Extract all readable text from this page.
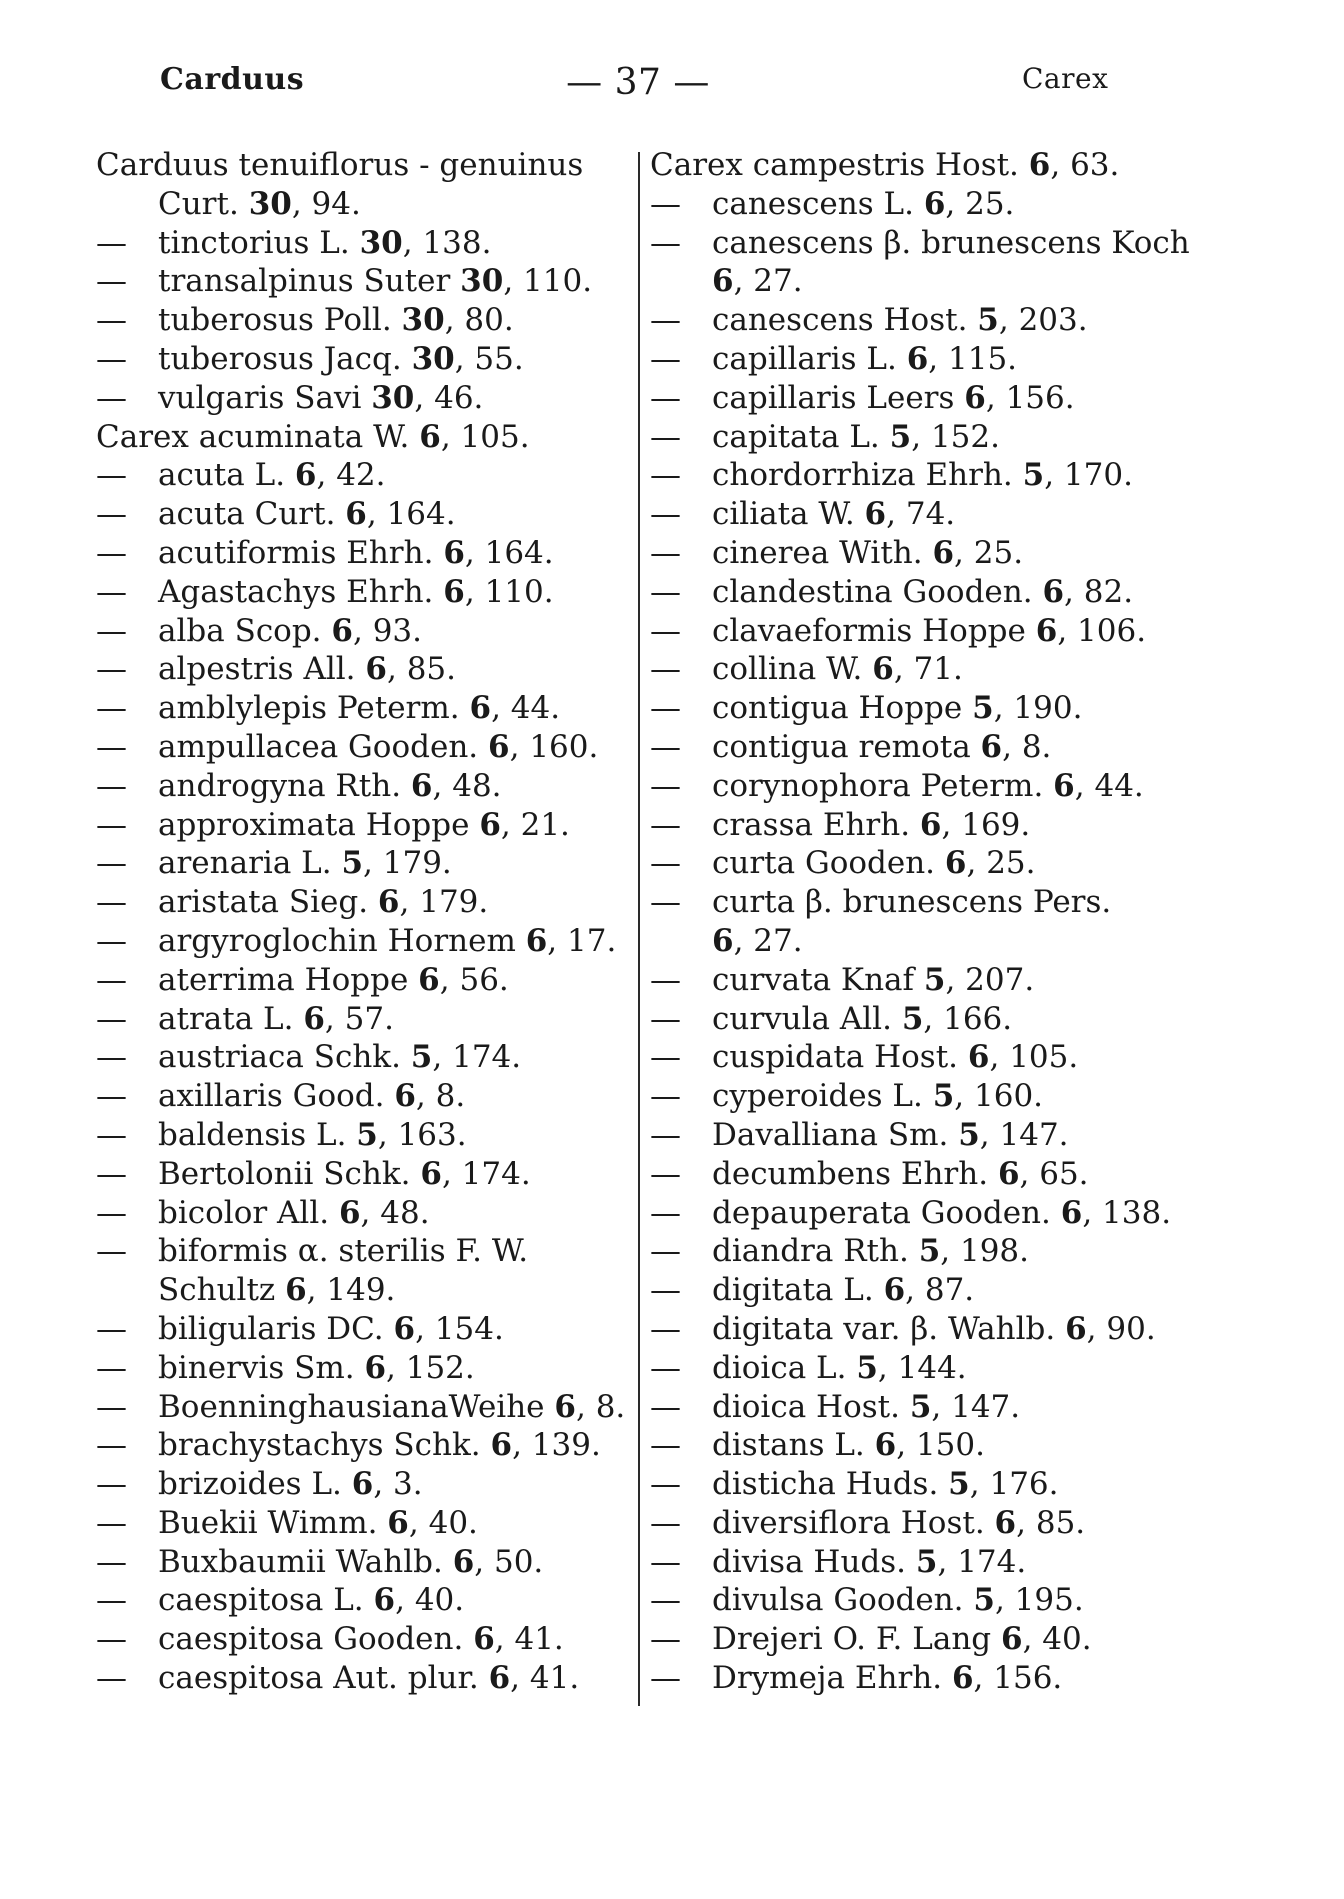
Carduus	— 37 —	Carex
Carduus tenuiflorus - genuinus
Curt. 30, 94.
— tinctorius L. 30, 138.
— transalpinus Suter 30, 110.
— tuberosus Poll. 30, 80.
— tuberosus Jacq. 30, 55.
— vulgaris Savi 30, 46.
Carex acuminata W. 6, 105.
— acuta L. 6, 42.
— acuta Curt. 6, 164.
— acutiformis Ehrh. 6, 164.
— Agastachys Ehrh. 6, 110.
— alba Scop. 6, 93.
— alpestris All. 6, 85.
— amblylepis Peterm. 6, 44.
— ampullacea Gooden. 6, 160.
— androgyna Rth. 6, 48.
— approximata Hoppe 6, 21.
— arenaria L. 5, 179.
— aristata Sieg. 6, 179.
— argyroglochin Hornem 6, 17.
— aterrima Hoppe 6, 56.
— atrata L. 6, 57.
— austriaca Schk. 5, 174.
— axillaris Good. 6, 8.
— baldensis L. 5, 163.
— Bertolonii Schk. 6, 174.
— bicolor All. 6, 48.
— biformis α. sterilis F. W.
Schultz 6, 149.
— biligularis DC. 6, 154.
— binervis Sm. 6, 152.
— BoenninghausianaWeihe 6, 8.
— brachystachys Schk. 6, 139.
— brizoides L. 6, 3.
— Buekii Wimm. 6, 40.
— Buxbaumii Wahlb. 6, 50.
— caespitosa L. 6, 40.
— caespitosa Gooden. 6, 41.
— caespitosa Aut. plur. 6, 41.
Carex campestris Host. 6, 63.
— canescens L. 6, 25.
— canescens β. brunescens Koch
6, 27.
— canescens Host. 5, 203.
— capillaris L. 6, 115.
— capillaris Leers 6, 156.
— capitata L. 5, 152.
— chordorrhiza Ehrh. 5, 170.
— ciliata W. 6, 74.
— cinerea With. 6, 25.
— clandestina Gooden. 6, 82.
— clavaeformis Hoppe 6, 106.
— collina W. 6, 71.
— contigua Hoppe 5, 190.
— contigua remota 6, 8.
— corynophora Peterm. 6, 44.
— crassa Ehrh. 6, 169.
— curta Gooden. 6, 25.
— curta β. brunescens Pers.
6, 27.
— curvata Knaf 5, 207.
— curvula All. 5, 166.
— cuspidata Host. 6, 105.
— cyperoides L. 5, 160.
— Davalliana Sm. 5, 147.
— decumbens Ehrh. 6, 65.
— depauperata Gooden. 6, 138.
— diandra Rth. 5, 198.
— digitata L. 6, 87.
— digitata var. β. Wahlb. 6, 90.
— dioica L. 5, 144.
— dioica Host. 5, 147.
— distans L. 6, 150.
— disticha Huds. 5, 176.
— diversiflora Host. 6, 85.
— divisa Huds. 5, 174.
— divulsa Gooden. 5, 195.
— Drejeri O. F. Lang 6, 40.
— Drymeja Ehrh. 6, 156.
